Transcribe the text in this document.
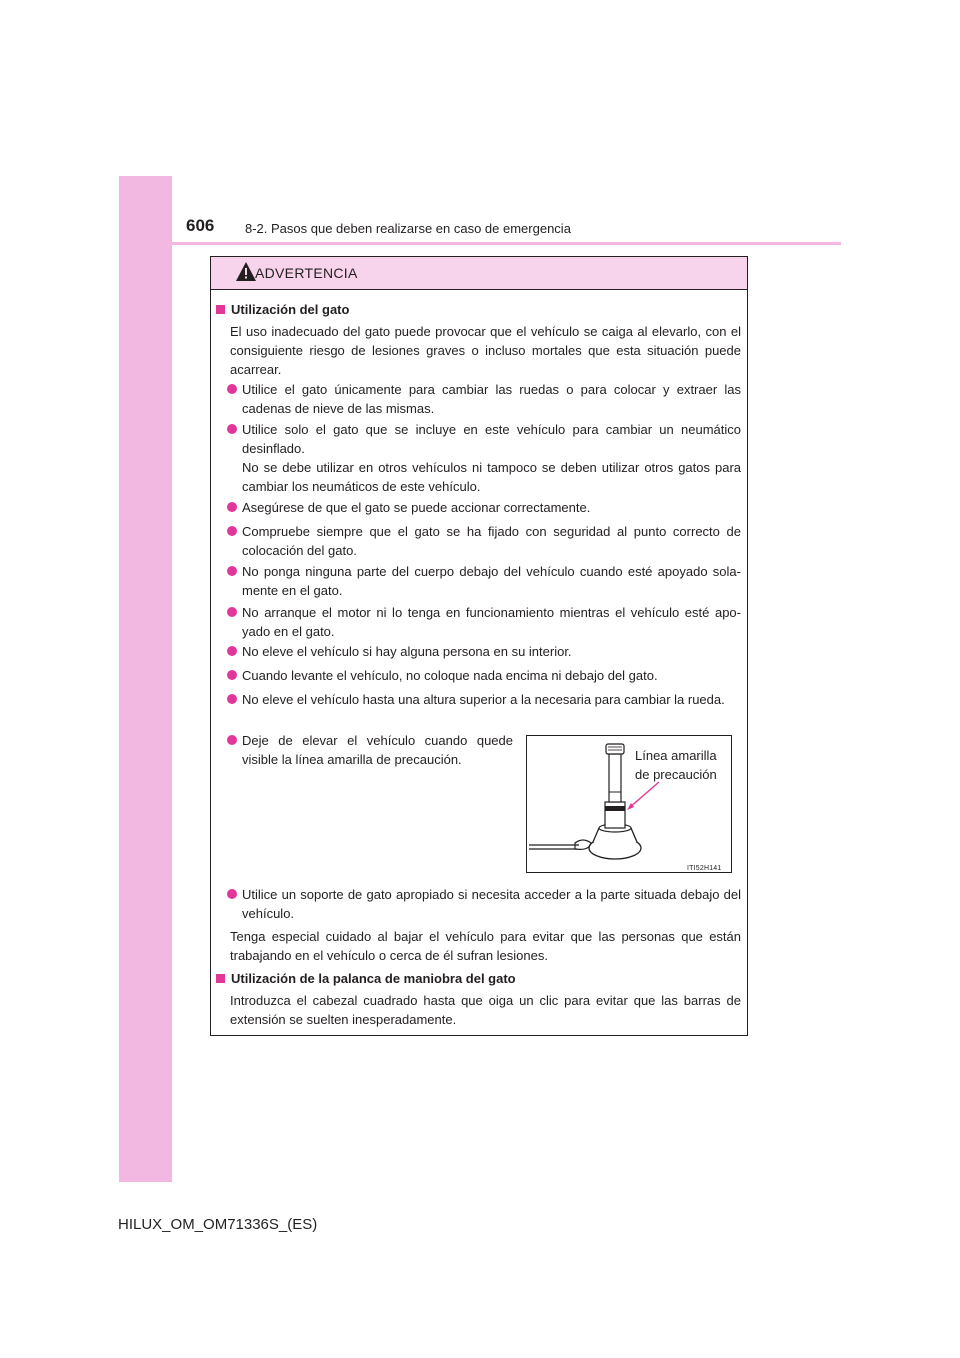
606 8-2. Pasos que deben realizarse en caso de emergencia
ADVERTENCIA
Utilización del gato
El uso inadecuado del gato puede provocar que el vehículo se caiga al elevarlo, con el consiguiente riesgo de lesiones graves o incluso mortales que esta situación puede acarrear.
Utilice el gato únicamente para cambiar las ruedas o para colocar y extraer las cadenas de nieve de las mismas.
Utilice solo el gato que se incluye en este vehículo para cambiar un neumático desinflado.
No se debe utilizar en otros vehículos ni tampoco se deben utilizar otros gatos para cambiar los neumáticos de este vehículo.
Asegúrese de que el gato se puede accionar correctamente.
Compruebe siempre que el gato se ha fijado con seguridad al punto correcto de colocación del gato.
No ponga ninguna parte del cuerpo debajo del vehículo cuando esté apoyado sola-mente en el gato.
No arranque el motor ni lo tenga en funcionamiento mientras el vehículo esté apo-yado en el gato.
No eleve el vehículo si hay alguna persona en su interior.
Cuando levante el vehículo, no coloque nada encima ni debajo del gato.
No eleve el vehículo hasta una altura superior a la necesaria para cambiar la rueda.
Deje de elevar el vehículo cuando quede visible la línea amarilla de precaución.	Línea amarilla
de precaución
ITI52H141
Utilice un soporte de gato apropiado si necesita acceder a la parte situada debajo del vehículo.
Tenga especial cuidado al bajar el vehículo para evitar que las personas que están trabajando en el vehículo o cerca de él sufran lesiones.
Utilización de la palanca de maniobra del gato
Introduzca el cabezal cuadrado hasta que oiga un clic para evitar que las barras de extensión se suelten inesperadamente.
HILUX_OM_OM71336S_(ES)
